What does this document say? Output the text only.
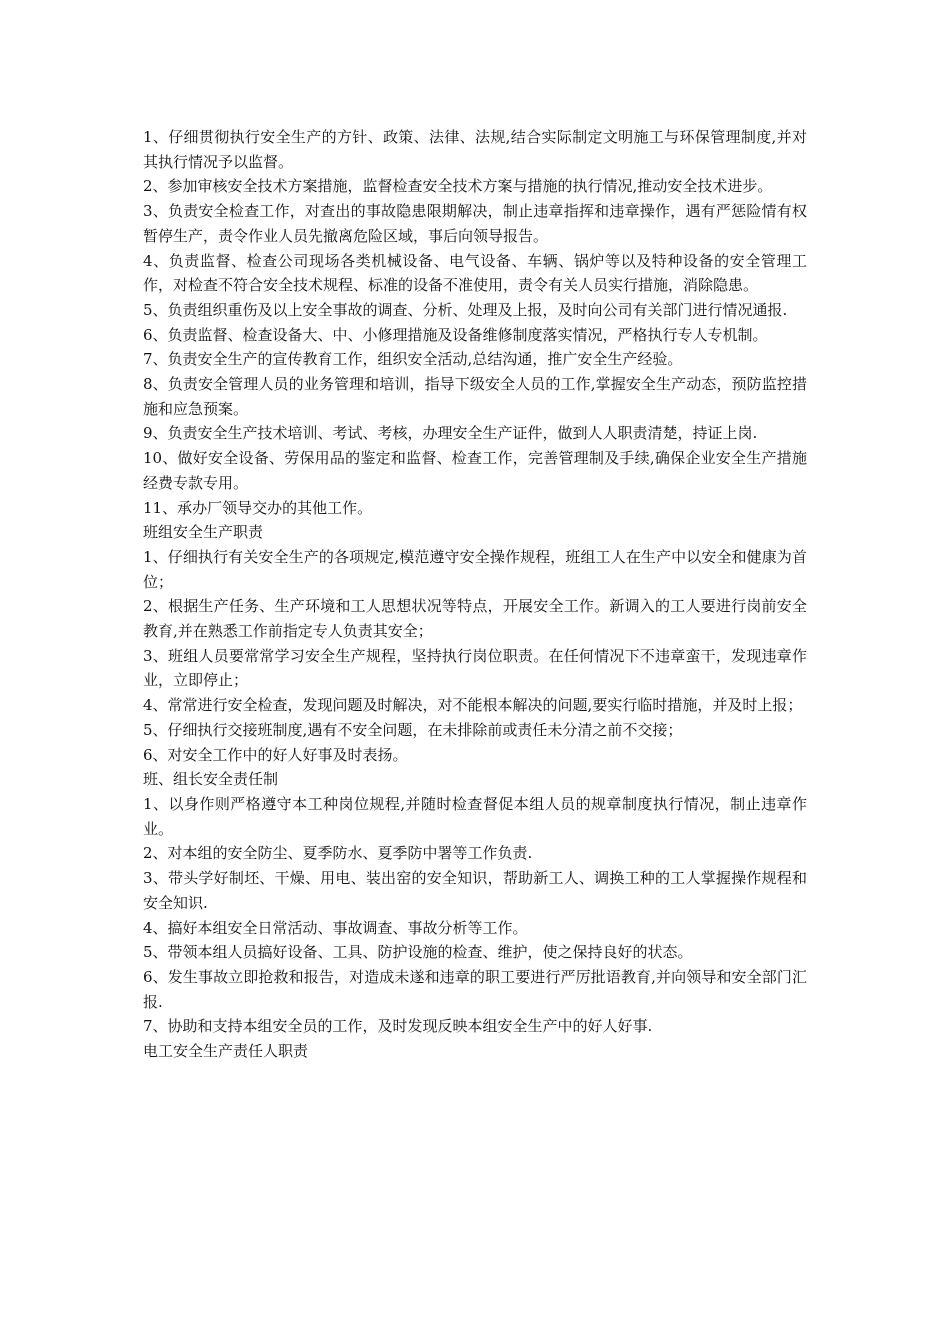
1、仔细贯彻执行安全生产的方针、政策、法律、法规,结合实际制定文明施工与环保管理制度,并对其执行情况予以监督。

2、参加审核安全技术方案措施，监督检查安全技术方案与措施的执行情况,推动安全技术进步。

3、负责安全检查工作，对查出的事故隐患限期解决，制止违章指挥和违章操作，遇有严惩险情有权暂停生产，责令作业人员先撤离危险区域，事后向领导报告。

4、负责监督、检查公司现场各类机械设备、电气设备、车辆、锅炉等以及特种设备的安全管理工作，对检查不符合安全技术规程、标准的设备不准使用，责令有关人员实行措施，消除隐患。

5、负责组织重伤及以上安全事故的调查、分析、处理及上报，及时向公司有关部门进行情况通报.

6、负责监督、检查设备大、中、小修理措施及设备维修制度落实情况，严格执行专人专机制。

7、负责安全生产的宣传教育工作，组织安全活动,总结沟通，推广安全生产经验。

8、负责安全管理人员的业务管理和培训，指导下级安全人员的工作,掌握安全生产动态，预防监控措施和应急预案。

9、负责安全生产技术培训、考试、考核，办理安全生产证件，做到人人职责清楚，持证上岗.

10、做好安全设备、劳保用品的鉴定和监督、检查工作，完善管理制及手续,确保企业安全生产措施经费专款专用。

11、承办厂领导交办的其他工作。

班组安全生产职责

1、仔细执行有关安全生产的各项规定,模范遵守安全操作规程，班组工人在生产中以安全和健康为首位；

2、根据生产任务、生产环境和工人思想状况等特点，开展安全工作。新调入的工人要进行岗前安全教育,并在熟悉工作前指定专人负责其安全；

3、班组人员要常常学习安全生产规程，坚持执行岗位职责。在任何情况下不违章蛮干，发现违章作业，立即停止；

4、常常进行安全检查，发现问题及时解决，对不能根本解决的问题,要实行临时措施，并及时上报；

5、仔细执行交接班制度,遇有不安全问题，在未排除前或责任未分清之前不交接；

6、对安全工作中的好人好事及时表扬。

班、组长安全责任制

1、以身作则严格遵守本工种岗位规程,并随时检查督促本组人员的规章制度执行情况，制止违章作业。

2、对本组的安全防尘、夏季防水、夏季防中署等工作负责.

3、带头学好制坯、干燥、用电、装出窑的安全知识，帮助新工人、调换工种的工人掌握操作规程和安全知识.

4、搞好本组安全日常活动、事故调查、事故分析等工作。

5、带领本组人员搞好设备、工具、防护设施的检查、维护，使之保持良好的状态。

6、发生事故立即抢救和报告，对造成未遂和违章的职工要进行严厉批语教育,并向领导和安全部门汇报.

7、协助和支持本组安全员的工作，及时发现反映本组安全生产中的好人好事.

电工安全生产责任人职责
